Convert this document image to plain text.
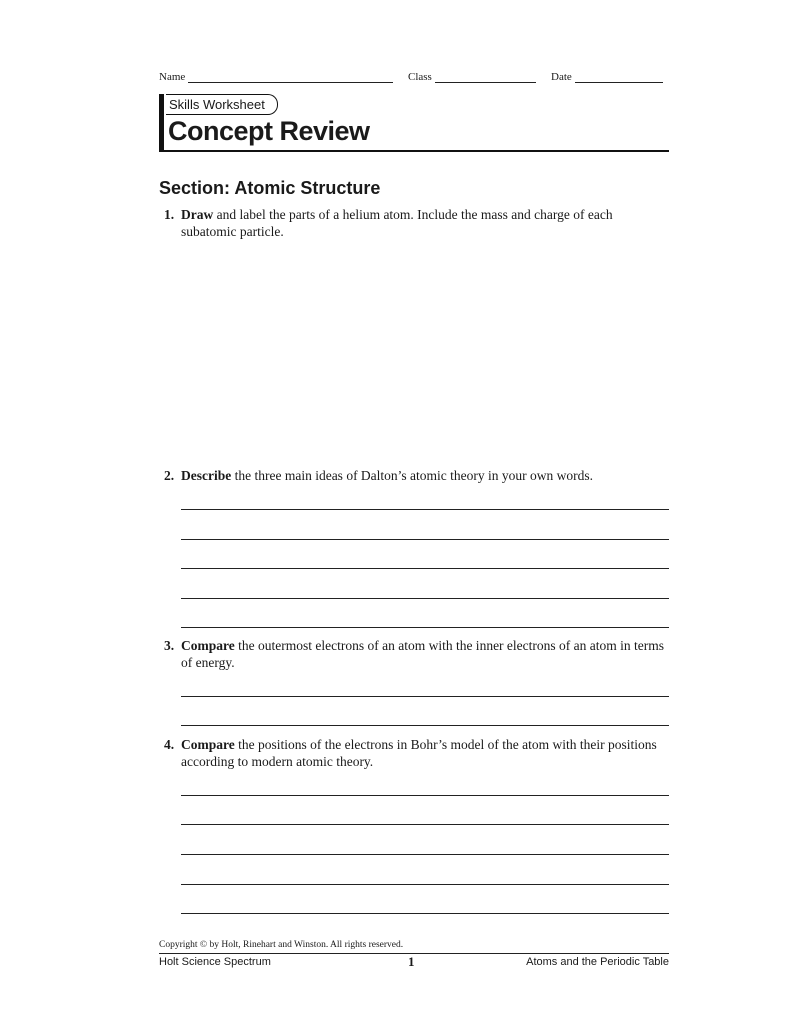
Name	Class	Date
Skills Worksheet
Concept Review
Section: Atomic Structure
1. Draw and label the parts of a helium atom. Include the mass and charge of each subatomic particle.
2. Describe the three main ideas of Dalton’s atomic theory in your own words.
3. Compare the outermost electrons of an atom with the inner electrons of an atom in terms of energy.
4. Compare the positions of the electrons in Bohr’s model of the atom with their positions according to modern atomic theory.
Copyright © by Holt, Rinehart and Winston. All rights reserved.
Holt Science Spectrum	1	Atoms and the Periodic Table
